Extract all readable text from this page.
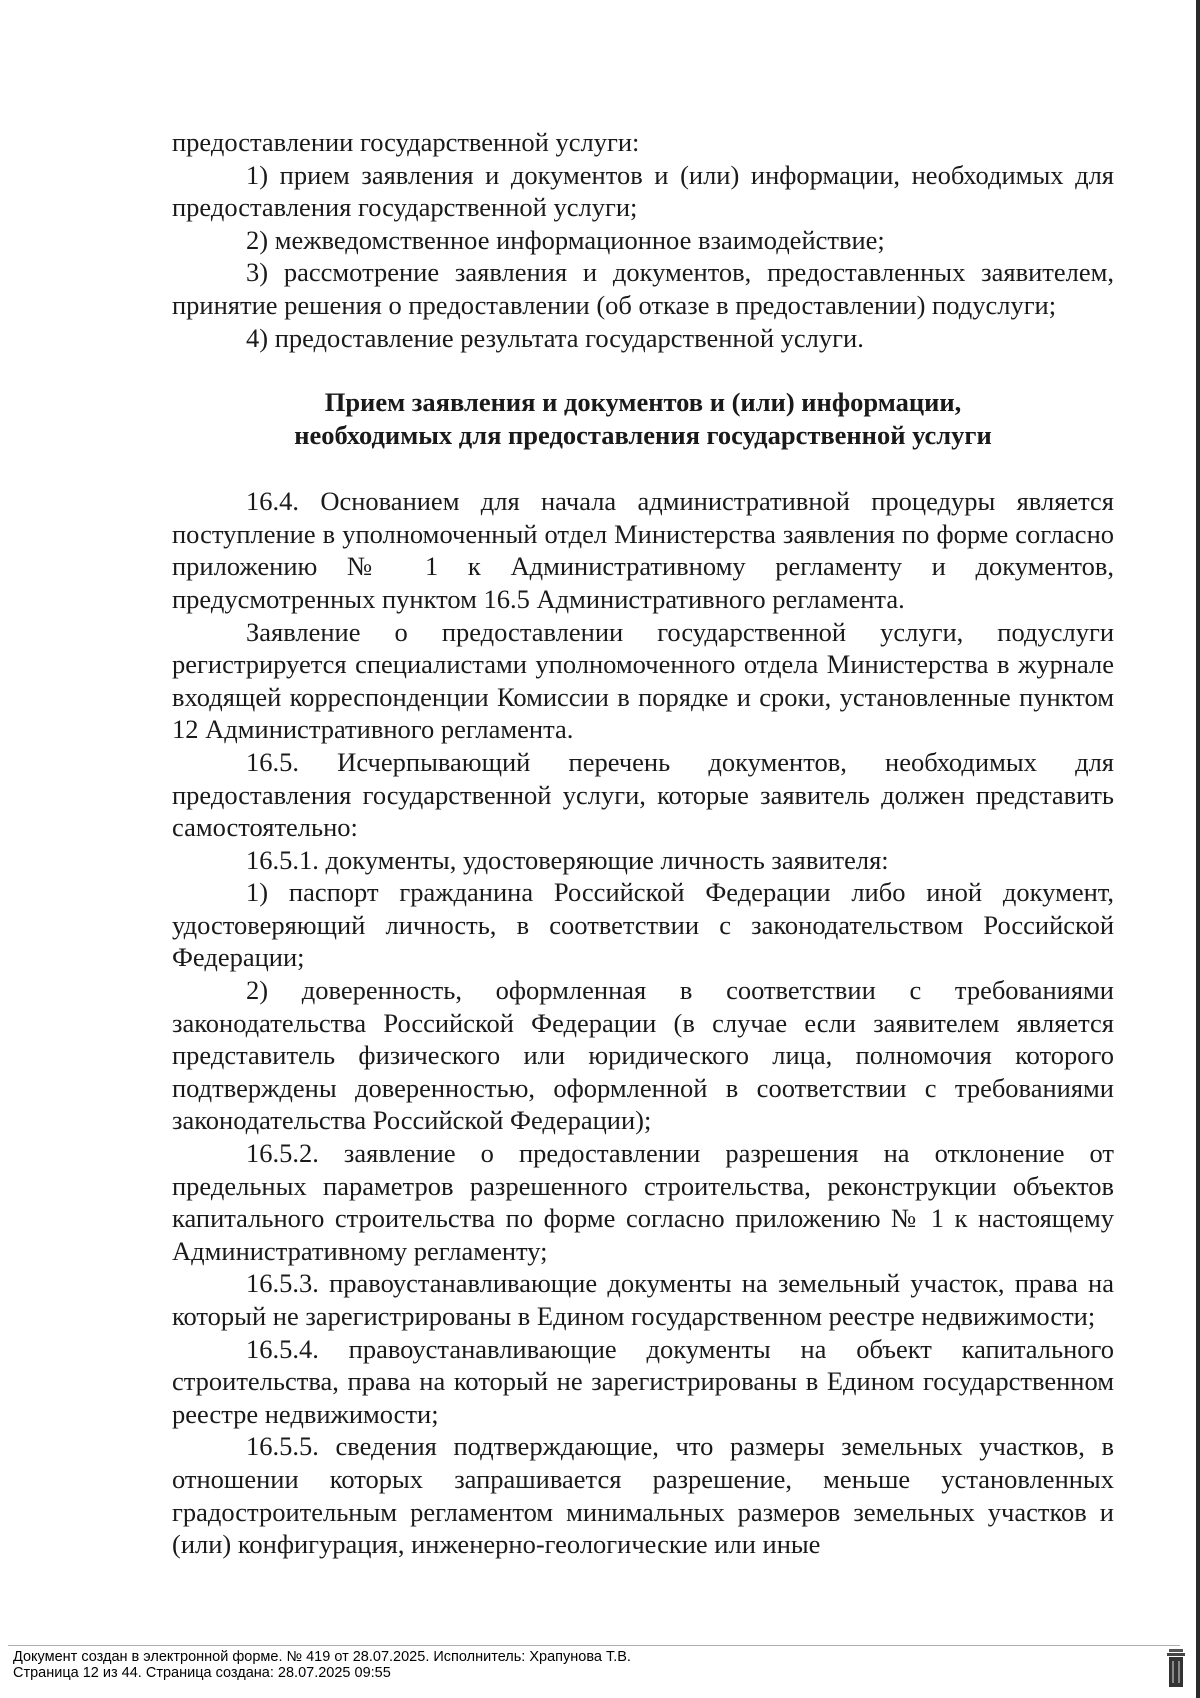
предоставлении государственной услуги:

1) прием заявления и документов и (или) информации, необходимых для предоставления государственной услуги;

2) межведомственное информационное взаимодействие;

3) рассмотрение заявления и документов, предоставленных заявителем, принятие решения о предоставлении (об отказе в предоставлении) подуслуги;

4) предоставление результата государственной услуги.

Прием заявления и документов и (или) информации,
необходимых для предоставления государственной услуги

16.4. Основанием для начала административной процедуры является поступление в уполномоченный отдел Министерства заявления по форме согласно приложению № 1 к Административному регламенту и документов, предусмотренных пунктом 16.5 Административного регламента.

Заявление о предоставлении государственной услуги, подуслуги регистрируется специалистами уполномоченного отдела Министерства в журнале входящей корреспонденции Комиссии в порядке и сроки, установленные пунктом 12 Административного регламента.

16.5. Исчерпывающий перечень документов, необходимых для предоставления государственной услуги, которые заявитель должен представить самостоятельно:

16.5.1. документы, удостоверяющие личность заявителя:

1) паспорт гражданина Российской Федерации либо иной документ, удостоверяющий личность, в соответствии с законодательством Российской Федерации;

2) доверенность, оформленная в соответствии с требованиями законодательства Российской Федерации (в случае если заявителем является представитель физического или юридического лица, полномочия которого подтверждены доверенностью, оформленной в соответствии с требованиями законодательства Российской Федерации);

16.5.2. заявление о предоставлении разрешения на отклонение от предельных параметров разрешенного строительства, реконструкции объектов капитального строительства по форме согласно приложению № 1 к настоящему Административному регламенту;

16.5.3. правоустанавливающие документы на земельный участок, права на который не зарегистрированы в Едином государственном реестре недвижимости;

16.5.4. правоустанавливающие документы на объект капитального строительства, права на который не зарегистрированы в Едином государственном реестре недвижимости;

16.5.5. сведения подтверждающие, что размеры земельных участков, в отношении которых запрашивается разрешение, меньше установленных градостроительным регламентом минимальных размеров земельных участков и (или) конфигурация, инженерно-геологические или иные

Документ создан в электронной форме. № 419 от 28.07.2025. Исполнитель: Храпунова Т.В.
Страница 12 из 44. Страница создана: 28.07.2025 09:55
